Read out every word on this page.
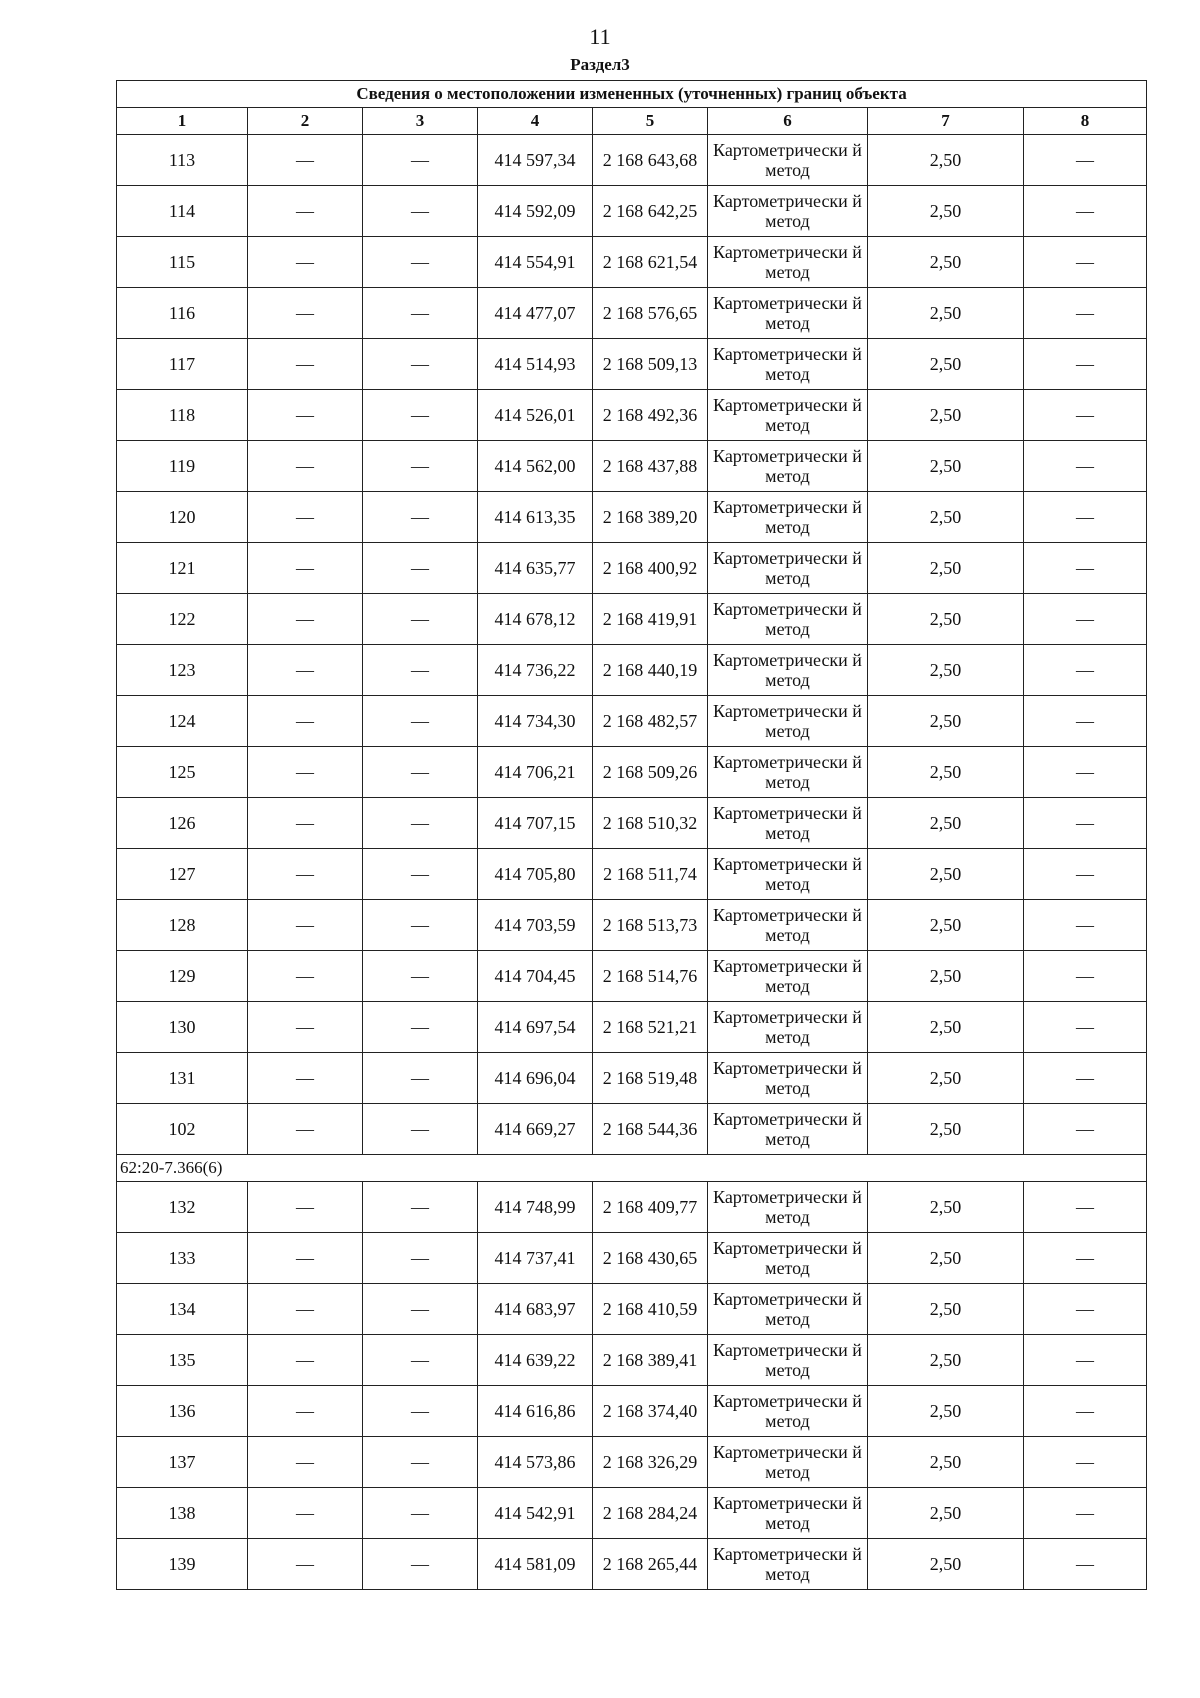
11
Раздел3
Сведения о местоположении измененных (уточненных) границ объекта							
1	2	3	4	5	6	7	8
113	—	—	414 597,34	2 168 643,68	Картометрически й метод	2,50	—
114	—	—	414 592,09	2 168 642,25	Картометрически й метод	2,50	—
115	—	—	414 554,91	2 168 621,54	Картометрически й метод	2,50	—
116	—	—	414 477,07	2 168 576,65	Картометрически й метод	2,50	—
117	—	—	414 514,93	2 168 509,13	Картометрически й метод	2,50	—
118	—	—	414 526,01	2 168 492,36	Картометрически й метод	2,50	—
119	—	—	414 562,00	2 168 437,88	Картометрически й метод	2,50	—
120	—	—	414 613,35	2 168 389,20	Картометрически й метод	2,50	—
121	—	—	414 635,77	2 168 400,92	Картометрически й метод	2,50	—
122	—	—	414 678,12	2 168 419,91	Картометрически й метод	2,50	—
123	—	—	414 736,22	2 168 440,19	Картометрически й метод	2,50	—
124	—	—	414 734,30	2 168 482,57	Картометрически й метод	2,50	—
125	—	—	414 706,21	2 168 509,26	Картометрически й метод	2,50	—
126	—	—	414 707,15	2 168 510,32	Картометрически й метод	2,50	—
127	—	—	414 705,80	2 168 511,74	Картометрически й метод	2,50	—
128	—	—	414 703,59	2 168 513,73	Картометрически й метод	2,50	—
129	—	—	414 704,45	2 168 514,76	Картометрически й метод	2,50	—
130	—	—	414 697,54	2 168 521,21	Картометрически й метод	2,50	—
131	—	—	414 696,04	2 168 519,48	Картометрически й метод	2,50	—
102	—	—	414 669,27	2 168 544,36	Картометрически й метод	2,50	—
62:20-7.366(6)							
132	—	—	414 748,99	2 168 409,77	Картометрически й метод	2,50	—
133	—	—	414 737,41	2 168 430,65	Картометрически й метод	2,50	—
134	—	—	414 683,97	2 168 410,59	Картометрически й метод	2,50	—
135	—	—	414 639,22	2 168 389,41	Картометрически й метод	2,50	—
136	—	—	414 616,86	2 168 374,40	Картометрически й метод	2,50	—
137	—	—	414 573,86	2 168 326,29	Картометрически й метод	2,50	—
138	—	—	414 542,91	2 168 284,24	Картометрически й метод	2,50	—
139	—	—	414 581,09	2 168 265,44	Картометрически й метод	2,50	—
